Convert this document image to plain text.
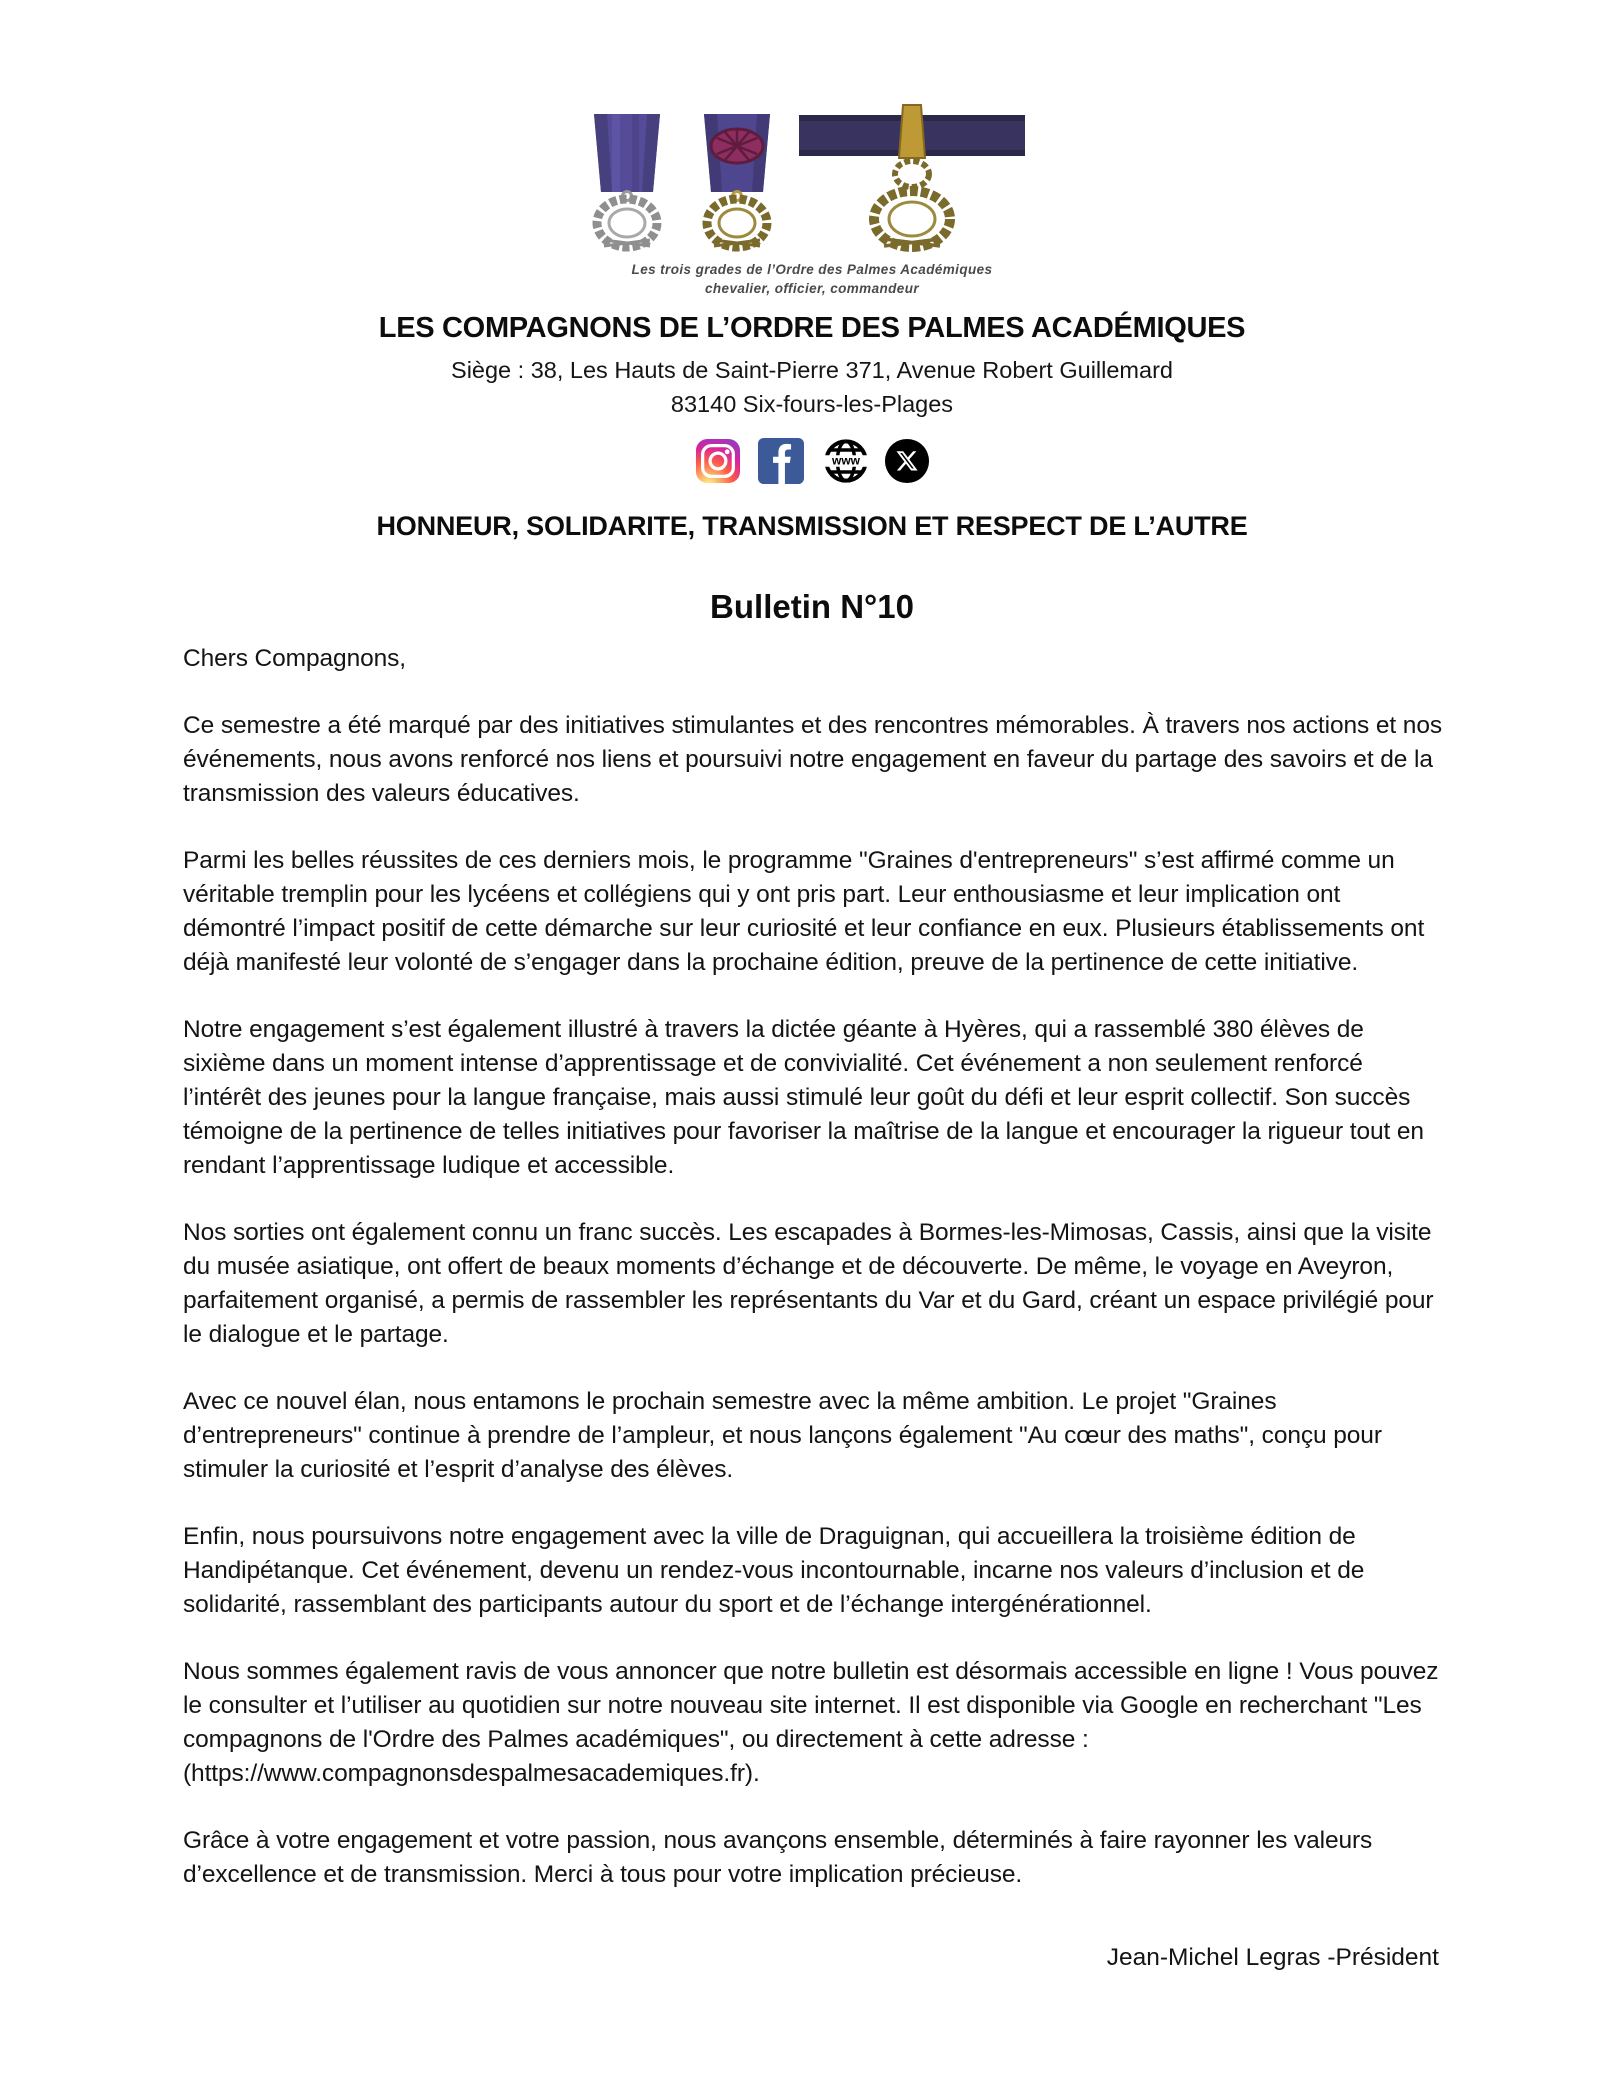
Les trois grades de l’Ordre des Palmes Académiques
chevalier, officier, commandeur
LES COMPAGNONS DE L’ORDRE DES PALMES ACADÉMIQUES
Siège : 38, Les Hauts de Saint-Pierre 371, Avenue Robert Guillemard
83140 Six-fours-les-Plages
www
HONNEUR, SOLIDARITE, TRANSMISSION ET RESPECT DE L’AUTRE
Bulletin N°10

Chers Compagnons,

Ce semestre a été marqué par des initiatives stimulantes et des rencontres mémorables. À travers nos actions et nos événements, nous avons renforcé nos liens et poursuivi notre engagement en faveur du partage des savoirs et de la transmission des valeurs éducatives.

Parmi les belles réussites de ces derniers mois, le programme "Graines d'entrepreneurs" s’est affirmé comme un véritable tremplin pour les lycéens et collégiens qui y ont pris part. Leur enthousiasme et leur implication ont démontré l’impact positif de cette démarche sur leur curiosité et leur confiance en eux. Plusieurs établissements ont déjà manifesté leur volonté de s’engager dans la prochaine édition, preuve de la pertinence de cette initiative.

Notre engagement s’est également illustré à travers la dictée géante à Hyères, qui a rassemblé 380 élèves de sixième dans un moment intense d’apprentissage et de convivialité. Cet événement a non seulement renforcé l’intérêt des jeunes pour la langue française, mais aussi stimulé leur goût du défi et leur esprit collectif. Son succès témoigne de la pertinence de telles initiatives pour favoriser la maîtrise de la langue et encourager la rigueur tout en rendant l’apprentissage ludique et accessible.

Nos sorties ont également connu un franc succès. Les escapades à Bormes-les-Mimosas, Cassis, ainsi que la visite du musée asiatique, ont offert de beaux moments d’échange et de découverte. De même, le voyage en Aveyron, parfaitement organisé, a permis de rassembler les représentants du Var et du Gard, créant un espace privilégié pour le dialogue et le partage.

Avec ce nouvel élan, nous entamons le prochain semestre avec la même ambition. Le projet "Graines d’entrepreneurs" continue à prendre de l’ampleur, et nous lançons également "Au cœur des maths", conçu pour stimuler la curiosité et l’esprit d’analyse des élèves.

Enfin, nous poursuivons notre engagement avec la ville de Draguignan, qui accueillera la troisième édition de Handipétanque. Cet événement, devenu un rendez-vous incontournable, incarne nos valeurs d’inclusion et de solidarité, rassemblant des participants autour du sport et de l’échange intergénérationnel.

Nous sommes également ravis de vous annoncer que notre bulletin est désormais accessible en ligne ! Vous pouvez le consulter et l’utiliser au quotidien sur notre nouveau site internet. Il est disponible via Google en recherchant "Les compagnons de l'Ordre des Palmes académiques", ou directement à cette adresse : (https://www.compagnonsdespalmesacademiques.fr).

Grâce à votre engagement et votre passion, nous avançons ensemble, déterminés à faire rayonner les valeurs d’excellence et de transmission. Merci à tous pour votre implication précieuse.

Jean-Michel Legras -Président
